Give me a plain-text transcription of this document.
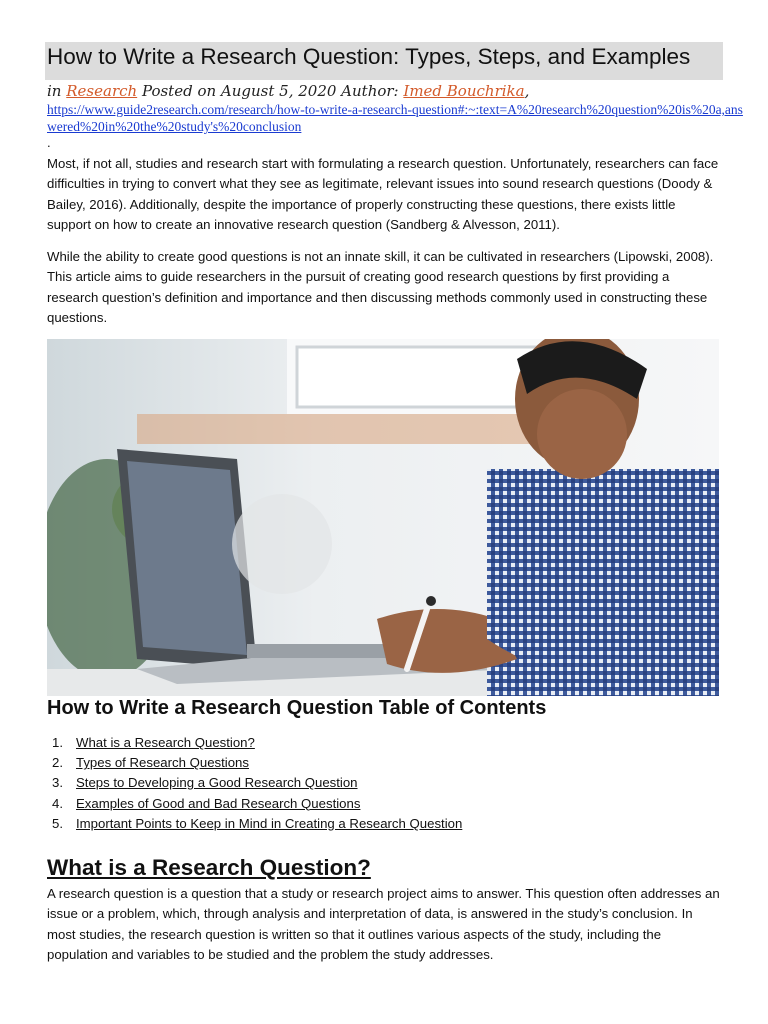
How to Write a Research Question: Types, Steps, and Examples
in Research Posted on August 5, 2020 Author: Imed Bouchrika,
https://www.guide2research.com/research/how-to-write-a-research-question#:~:text=A%20research%20question%20is%20a,answered%20in%20the%20study's%20conclusion
.

Most, if not all, studies and research start with formulating a research question. Unfortunately, researchers can face difficulties in trying to convert what they see as legitimate, relevant issues into sound research questions (Doody & Bailey, 2016). Additionally, despite the importance of properly constructing these questions, there exists little support on how to create an innovative research question (Sandberg & Alvesson, 2011).

While the ability to create good questions is not an innate skill, it can be cultivated in researchers (Lipowski, 2008). This article aims to guide researchers in the pursuit of creating good research questions by first providing a research question’s definition and importance and then discussing methods commonly used in constructing these questions.

How to Write a Research Question Table of Contents
1. What is a Research Question?
2. Types of Research Questions
3. Steps to Developing a Good Research Question
4. Examples of Good and Bad Research Questions
5. Important Points to Keep in Mind in Creating a Research Question
What is a Research Question?

A research question is a question that a study or research project aims to answer. This question often addresses an issue or a problem, which, through analysis and interpretation of data, is answered in the study’s conclusion. In most studies, the research question is written so that it outlines various aspects of the study, including the population and variables to be studied and the problem the study addresses.
